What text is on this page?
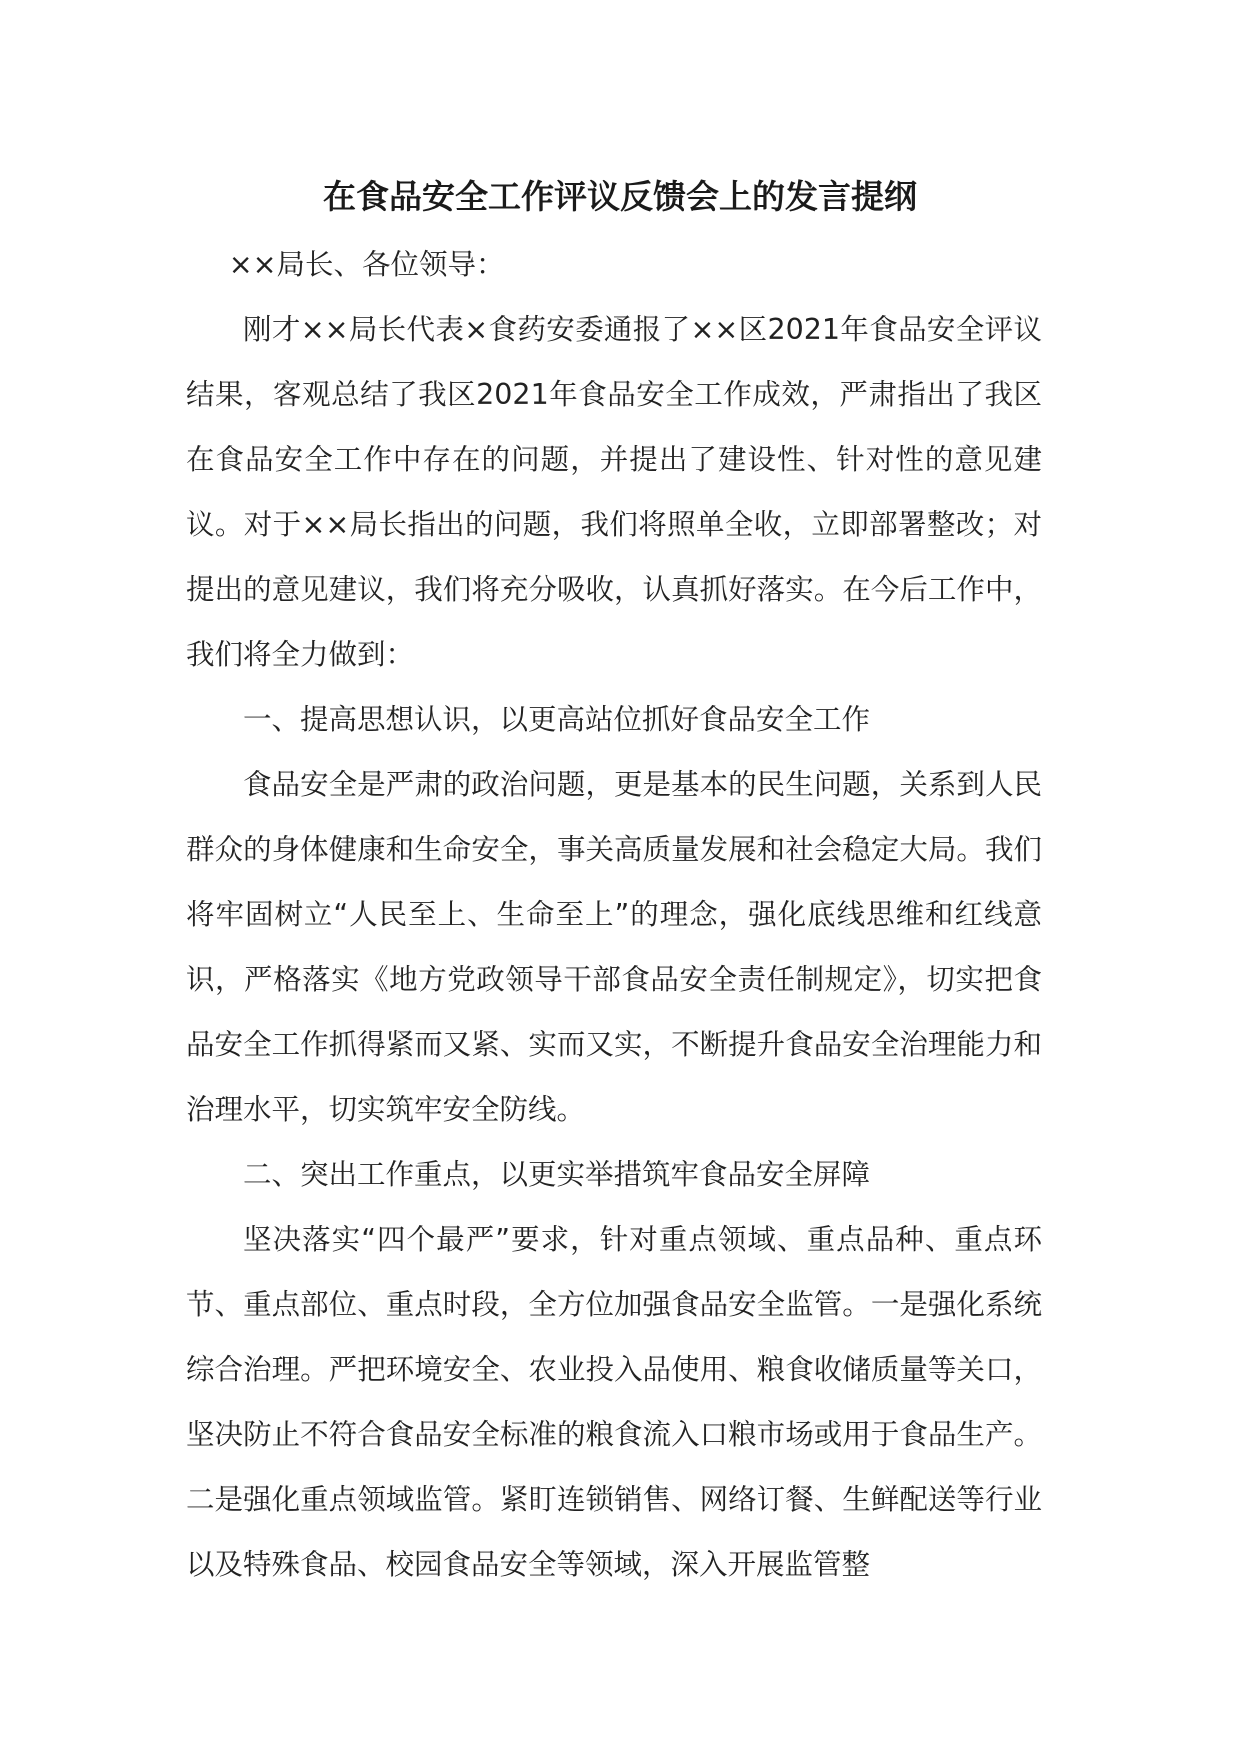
在食品安全工作评议反馈会上的发言提纲

××局长、各位领导：

刚才××局长代表×食药安委通报了××区2021年食品安全评议结果，客观总结了我区2021年食品安全工作成效，严肃指出了我区在食品安全工作中存在的问题，并提出了建设性、针对性的意见建议。对于××局长指出的问题，我们将照单全收，立即部署整改；对提出的意见建议，我们将充分吸收，认真抓好落实。在今后工作中，我们将全力做到：

一、提高思想认识，以更高站位抓好食品安全工作

食品安全是严肃的政治问题，更是基本的民生问题，关系到人民群众的身体健康和生命安全，事关高质量发展和社会稳定大局。我们将牢固树立“人民至上、生命至上”的理念，强化底线思维和红线意识，严格落实《地方党政领导干部食品安全责任制规定》，切实把食品安全工作抓得紧而又紧、实而又实，不断提升食品安全治理能力和治理水平，切实筑牢安全防线。

二、突出工作重点，以更实举措筑牢食品安全屏障

坚决落实“四个最严”要求，针对重点领域、重点品种、重点环节、重点部位、重点时段，全方位加强食品安全监管。一是强化系统综合治理。严把环境安全、农业投入品使用、粮食收储质量等关口，坚决防止不符合食品安全标准的粮食流入口粮市场或用于食品生产。二是强化重点领域监管。紧盯连锁销售、网络订餐、生鲜配送等行业以及特殊食品、校园食品安全等领域，深入开展监管整
